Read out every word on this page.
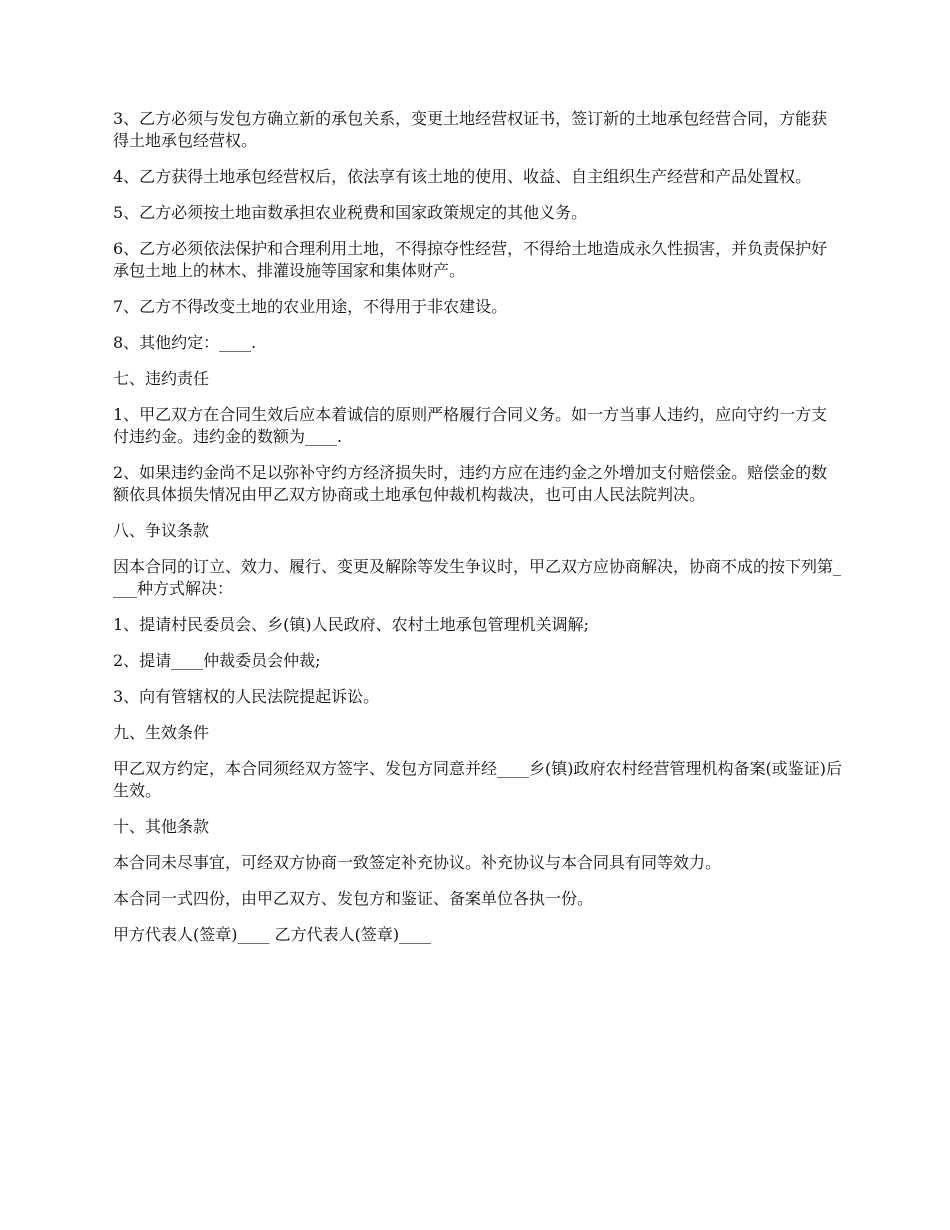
3、乙方必须与发包方确立新的承包关系，变更土地经营权证书，签订新的土地承包经营合同，方能获得土地承包经营权。

4、乙方获得土地承包经营权后，依法享有该土地的使用、收益、自主组织生产经营和产品处置权。

5、乙方必须按土地亩数承担农业税费和国家政策规定的其他义务。

6、乙方必须依法保护和合理利用土地，不得掠夺性经营，不得给土地造成永久性损害，并负责保护好承包土地上的林木、排灌设施等国家和集体财产。

7、乙方不得改变土地的农业用途，不得用于非农建设。

8、其他约定：____.

七、违约责任

1、甲乙双方在合同生效后应本着诚信的原则严格履行合同义务。如一方当事人违约，应向守约一方支付违约金。违约金的数额为____.

2、如果违约金尚不足以弥补守约方经济损失时，违约方应在违约金之外增加支付赔偿金。赔偿金的数额依具体损失情况由甲乙双方协商或土地承包仲裁机构裁决，也可由人民法院判决。

八、争议条款

因本合同的订立、效力、履行、变更及解除等发生争议时，甲乙双方应协商解决，协商不成的按下列第____种方式解决：

1、提请村民委员会、乡(镇)人民政府、农村土地承包管理机关调解;

2、提请____仲裁委员会仲裁;

3、向有管辖权的人民法院提起诉讼。

九、生效条件

甲乙双方约定，本合同须经双方签字、发包方同意并经____乡(镇)政府农村经营管理机构备案(或鉴证)后生效。

十、其他条款

本合同未尽事宜，可经双方协商一致签定补充协议。补充协议与本合同具有同等效力。

本合同一式四份，由甲乙双方、发包方和鉴证、备案单位各执一份。

甲方代表人(签章)____ 乙方代表人(签章)____
